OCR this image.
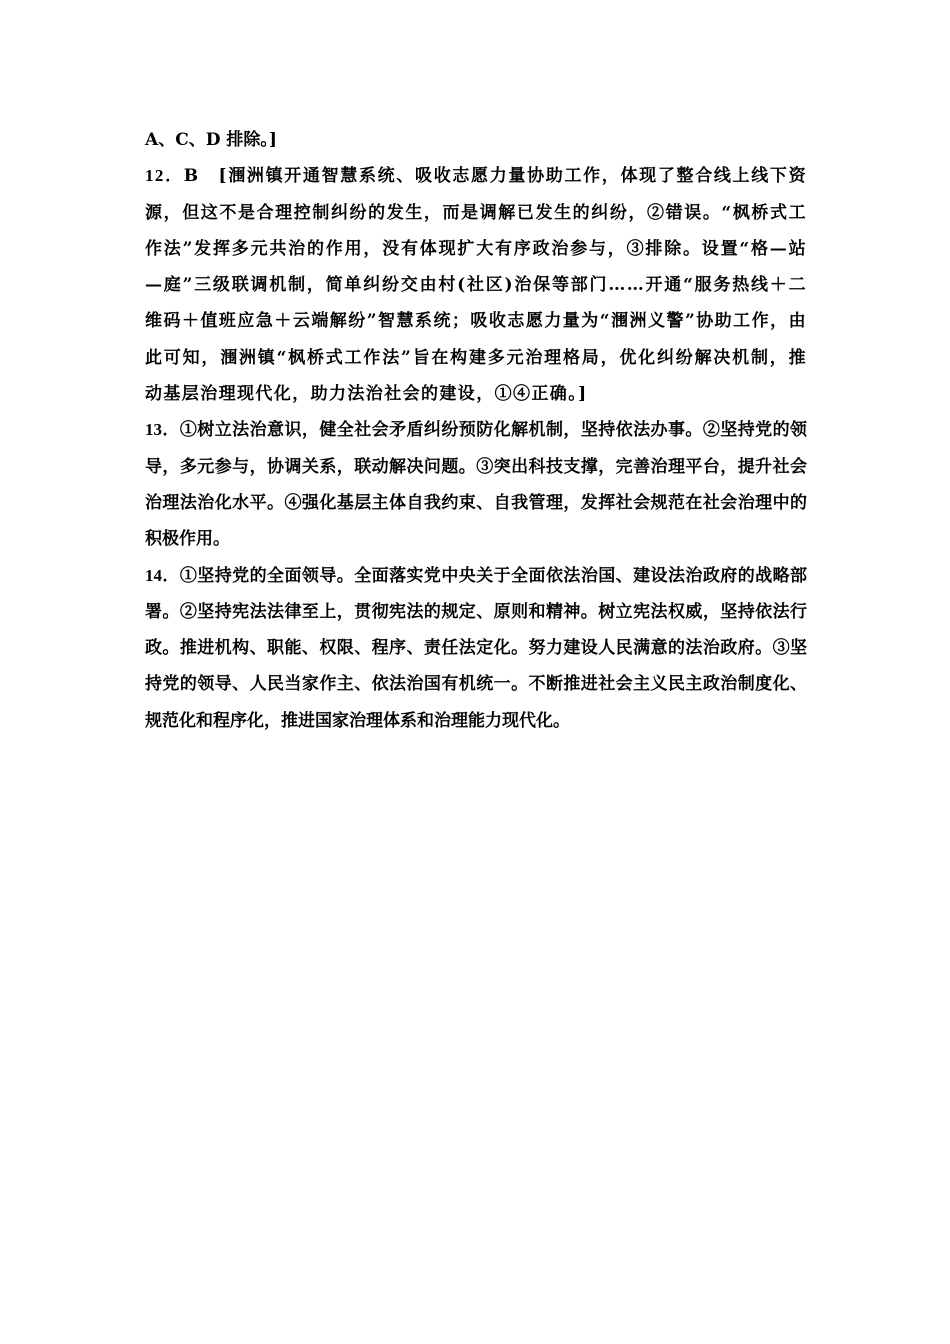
A、C、D 排除。]

12．B　[涠洲镇开通智慧系统、吸收志愿力量协助工作，体现了整合线上线下资源，但这不是合理控制纠纷的发生，而是调解已发生的纠纷，②错误。“枫桥式工作法”发挥多元共治的作用，没有体现扩大有序政治参与，③排除。设置“格—站—庭”三级联调机制，简单纠纷交由村(社区)治保等部门……开通“服务热线＋二维码＋值班应急＋云端解纷”智慧系统；吸收志愿力量为“涠洲义警”协助工作，由此可知，涠洲镇“枫桥式工作法”旨在构建多元治理格局，优化纠纷解决机制，推动基层治理现代化，助力法治社会的建设，①④正确。]

13．①树立法治意识，健全社会矛盾纠纷预防化解机制，坚持依法办事。②坚持党的领导，多元参与，协调关系，联动解决问题。③突出科技支撑，完善治理平台，提升社会治理法治化水平。④强化基层主体自我约束、自我管理，发挥社会规范在社会治理中的积极作用。

14．①坚持党的全面领导。全面落实党中央关于全面依法治国、建设法治政府的战略部署。②坚持宪法法律至上，贯彻宪法的规定、原则和精神。树立宪法权威，坚持依法行政。推进机构、职能、权限、程序、责任法定化。努力建设人民满意的法治政府。③坚持党的领导、人民当家作主、依法治国有机统一。不断推进社会主义民主政治制度化、规范化和程序化，推进国家治理体系和治理能力现代化。
